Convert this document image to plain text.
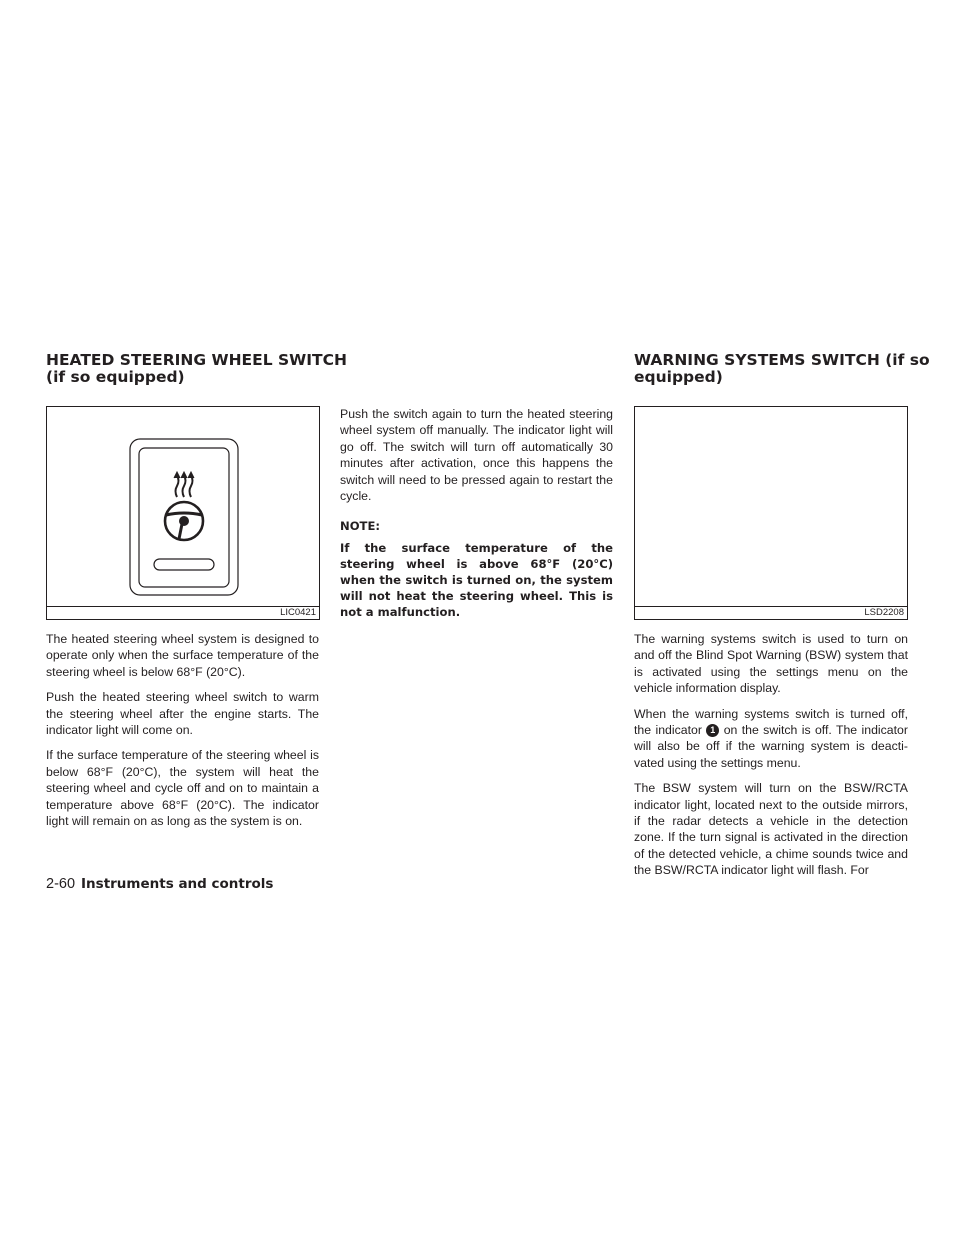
HEATED STEERING WHEEL SWITCH
(if so equipped)
WARNING SYSTEMS SWITCH (if so
equipped)
LIC0421

The heated steering wheel system is designed to operate only when the surface temperature of the steering wheel is below 68°F (20°C).

Push the heated steering wheel switch to warm the steering wheel after the engine starts. The indicator light will come on.

If the surface temperature of the steering wheel is below 68°F (20°C), the system will heat the steering wheel and cycle off and on to maintain a temperature above 68°F (20°C). The indicator light will remain on as long as the system is on.

Push the switch again to turn the heated steering wheel system off manually. The indicator light will go off. The switch will turn off automatically 30 minutes after activation, once this happens the switch will need to be pressed again to restart the cycle.

NOTE:

If the surface temperature of the steering wheel is above 68°F (20°C) when the switch is turned on, the system will not heat the steering wheel. This is not a malfunction.	LSD2208

The warning systems switch is used to turn on and off the Blind Spot Warning (BSW) system that is activated using the settings menu on the vehicle information display.

When the warning systems switch is turned off, the indicator 1 on the switch is off. The indicator will also be off if the warning system is deacti- vated using the settings menu.

The BSW system will turn on the BSW/RCTA indicator light, located next to the outside mirrors, if the radar detects a vehicle in the detection zone. If the turn signal is activated in the direction of the detected vehicle, a chime sounds twice and the BSW/RCTA indicator light will flash. For

2-60 Instruments and controls
